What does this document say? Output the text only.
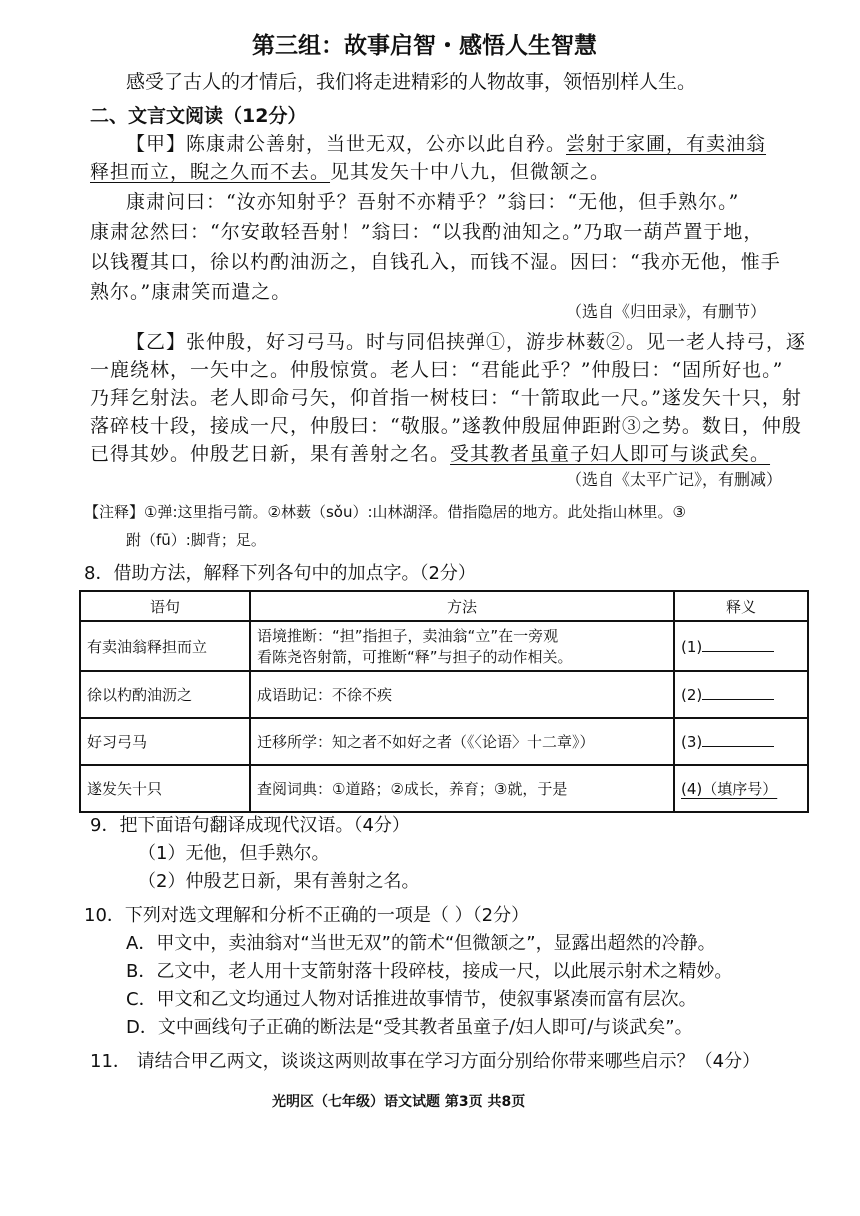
第三组：故事启智・感悟人生智慧
感受了古人的才情后，我们将走进精彩的人物故事，领悟别样人生。
二、文言文阅读（12分）
【甲】陈康肃公善射，当世无双，公亦以此自矜。尝射于家圃，有卖油翁
释担而立，睨之久而不去。见其发矢十中八九，但微颔之。
康肃问曰：“汝亦知射乎？吾射不亦精乎？”翁曰：“无他，但手熟尔。”
康肃忿然曰：“尔安敢轻吾射！”翁曰：“以我酌油知之。”乃取一葫芦置于地，
以钱覆其口，徐以杓酌油沥之，自钱孔入，而钱不湿。因曰：“我亦无他，惟手
熟尔。”康肃笑而遣之。
（选自《归田录》，有删节）
【乙】张仲殷，好习弓马。时与同侣挟弹①，游步林薮②。见一老人持弓，逐
一鹿绕林，一矢中之。仲殷惊赏。老人曰：“君能此乎？”仲殷曰：“固所好也。”
乃拜乞射法。老人即命弓矢，仰首指一树枝曰：“十箭取此一尺。”遂发矢十只，射
落碎枝十段，接成一尺，仲殷曰：“敬服。”遂教仲殷屈伸距跗③之势。数日，仲殷
已得其妙。仲殷艺日新，果有善射之名。受其教者虽童子妇人即可与谈武矣。
（选自《太平广记》，有删减）
【注释】①弹:这里指弓箭。②林薮（sǒu）:山林湖泽。借指隐居的地方。此处指山林里。③
跗（fū）:脚背；足。
8．借助方法，解释下列各句中的加点字。（2分）
语句	方法	释义
有卖油翁释担而立	语境推断：“担”指担子，卖油翁“立”在一旁观
看陈尧咨射箭，可推断“释”与担子的动作相关。	(1)
徐以杓酌油沥之	成语助记：不徐不疾	(2)
好习弓马	迁移所学：知之者不如好之者（《〈论语〉十二章》）	(3)
遂发矢十只	查阅词典：①道路；②成长，养育；③就，于是	(4)（填序号）
9．把下面语句翻译成现代汉语。（4分）
（1）无他，但手熟尔。
（2）仲殷艺日新，果有善射之名。
10．下列对选文理解和分析不正确的一项是（ ）（2分）
A．甲文中，卖油翁对“当世无双”的箭术“但微颔之”，显露出超然的冷静。
B．乙文中，老人用十支箭射落十段碎枝，接成一尺，以此展示射术之精妙。
C．甲文和乙文均通过人物对话推进故事情节，使叙事紧凑而富有层次。
D．文中画线句子正确的断法是“受其教者虽童子/妇人即可/与谈武矣”。
11． 请结合甲乙两文，谈谈这两则故事在学习方面分别给你带来哪些启示？（4分）
光明区（七年级）语文试题 第3页 共8页
